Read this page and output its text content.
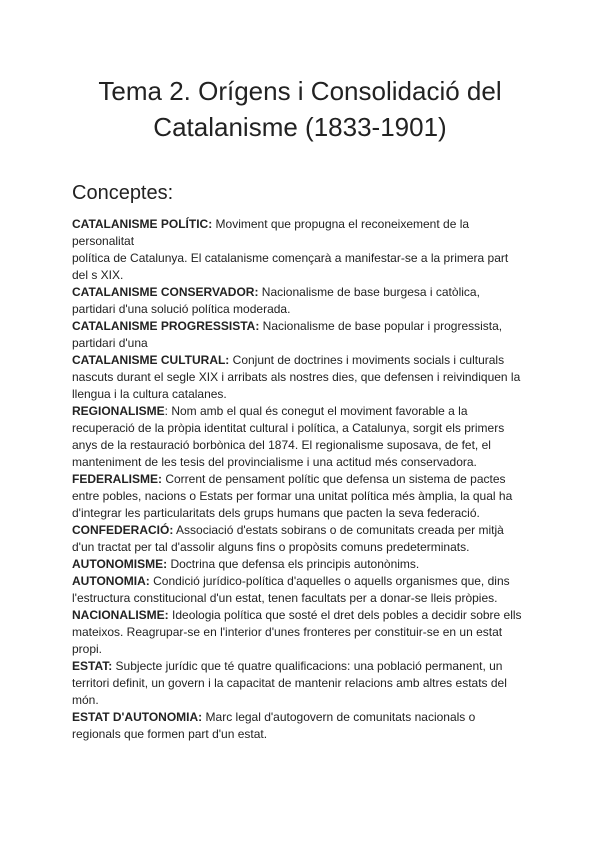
Tema 2. Orígens i Consolidació del
Catalanisme (1833-1901)
Conceptes:
CATALANISME POLÍTIC: Moviment que propugna el reconeixement de la
personalitat
política de Catalunya. El catalanisme començarà a manifestar-se a la primera part
del s XIX.
CATALANISME CONSERVADOR: Nacionalisme de base burgesa i catòlica,
partidari d'una solució política moderada.
CATALANISME PROGRESSISTA: Nacionalisme de base popular i progressista,
partidari d'una
CATALANISME CULTURAL: Conjunt de doctrines i moviments socials i culturals
nascuts durant el segle XIX i arribats als nostres dies, que defensen i reivindiquen la
llengua i la cultura catalanes.
REGIONALISME: Nom amb el qual és conegut el moviment favorable a la
recuperació de la pròpia identitat cultural i política, a Catalunya, sorgit els primers
anys de la restauració borbònica del 1874. El regionalisme suposava, de fet, el
manteniment de les tesis del provincialisme i una actitud més conservadora.
FEDERALISME: Corrent de pensament polític que defensa un sistema de pactes
entre pobles, nacions o Estats per formar una unitat política més àmplia, la qual ha
d'integrar les particularitats dels grups humans que pacten la seva federació.
CONFEDERACIÓ: Associació d'estats sobirans o de comunitats creada per mitjà
d'un tractat per tal d'assolir alguns fins o propòsits comuns predeterminats.
AUTONOMISME: Doctrina que defensa els principis autonònims.
AUTONOMIA: Condició jurídico-política d'aquelles o aquells organismes que, dins
l'estructura constitucional d'un estat, tenen facultats per a donar-se lleis pròpies.
NACIONALISME: Ideologia política que sosté el dret dels pobles a decidir sobre ells
mateixos. Reagrupar-se en l'interior d'unes fronteres per constituir-se en un estat
propi.
ESTAT: Subjecte jurídic que té quatre qualificacions: una població permanent, un
territori definit, un govern i la capacitat de mantenir relacions amb altres estats del
món.
ESTAT D'AUTONOMIA: Marc legal d'autogovern de comunitats nacionals o
regionals que formen part d'un estat.
